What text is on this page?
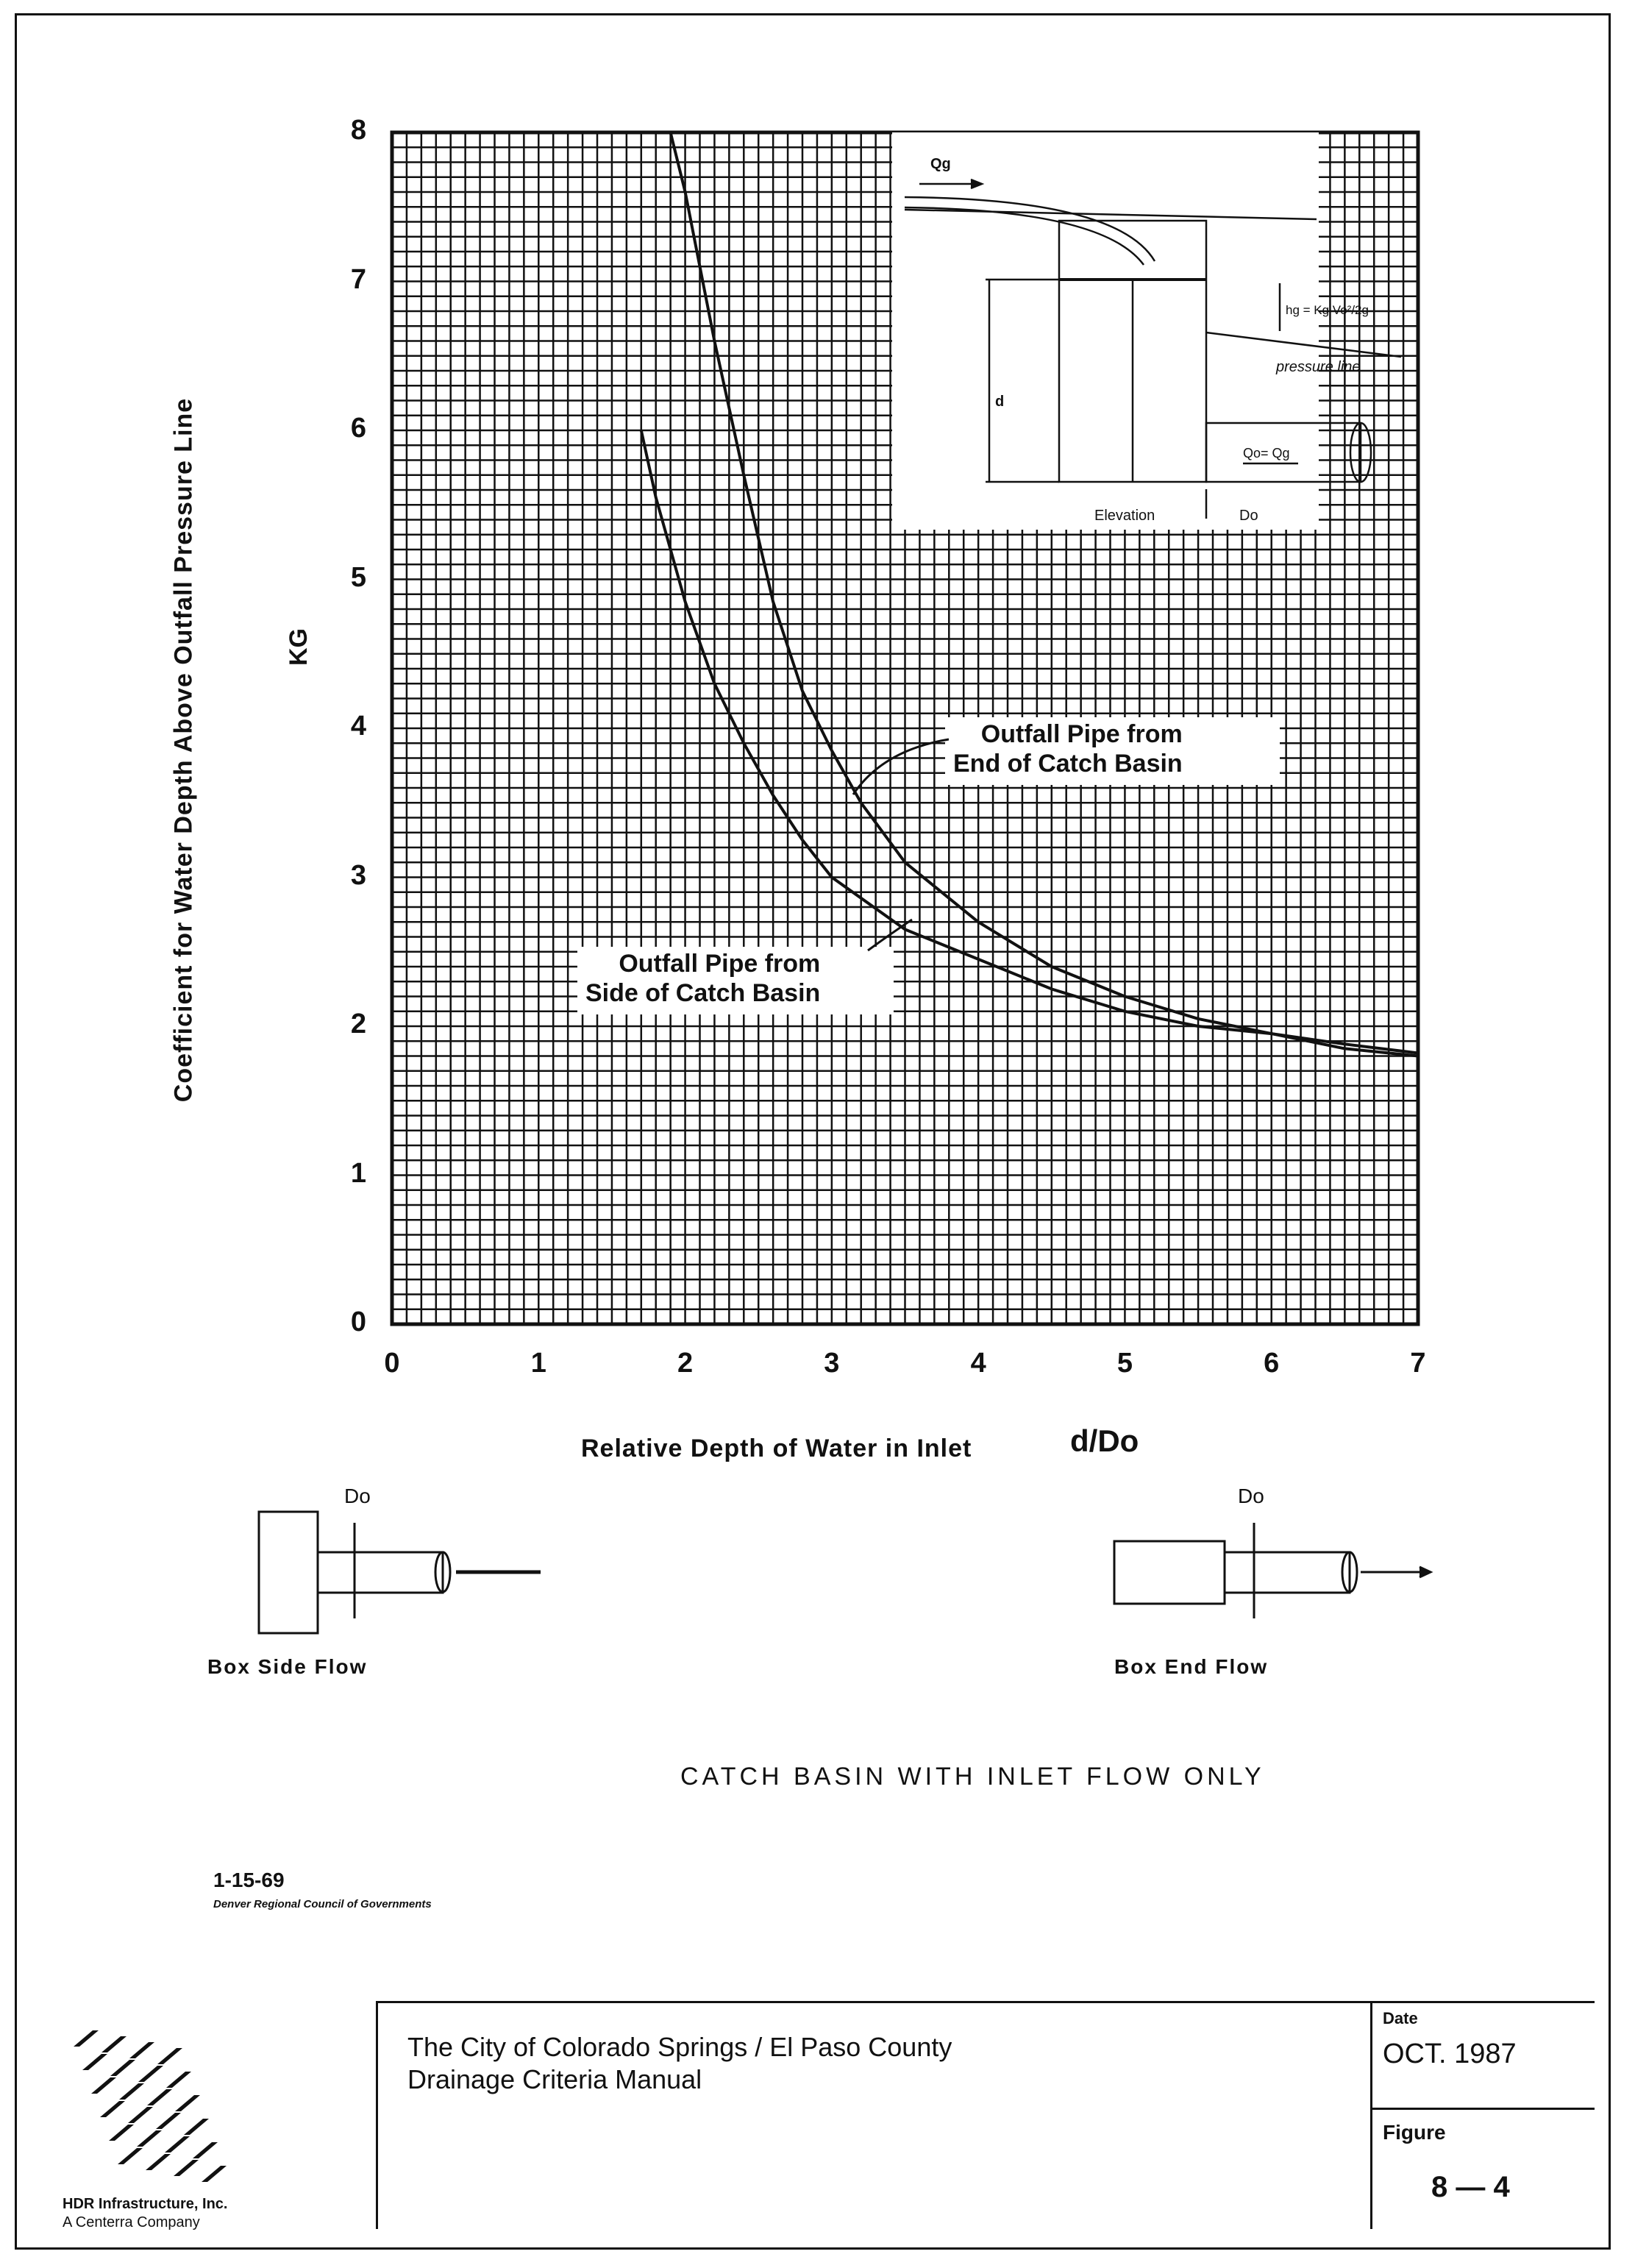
Coefficient for Water Depth Above Outfall Pressure Line	KG
0
1
2
3
4
5
6
7
8
0	1	2	3	4	5	6	7
Relative Depth of Water in Inlet	d/Do
Outfall Pipe from
End of Catch Basin
Outfall Pipe from
Side of Catch Basin
Qg
hg = Kg Vo²/2g
pressure line
d
Qo= Qg
Elevation	Do
Do
Box Side Flow
Do
Box End Flow
CATCH BASIN WITH INLET FLOW ONLY
1-15-69
Denver Regional Council of Governments
HDR Infrastructure, Inc.
A Centerra Company
The City of Colorado Springs / El Paso County
Drainage Criteria Manual
Date
OCT. 1987
Figure
8 — 4
